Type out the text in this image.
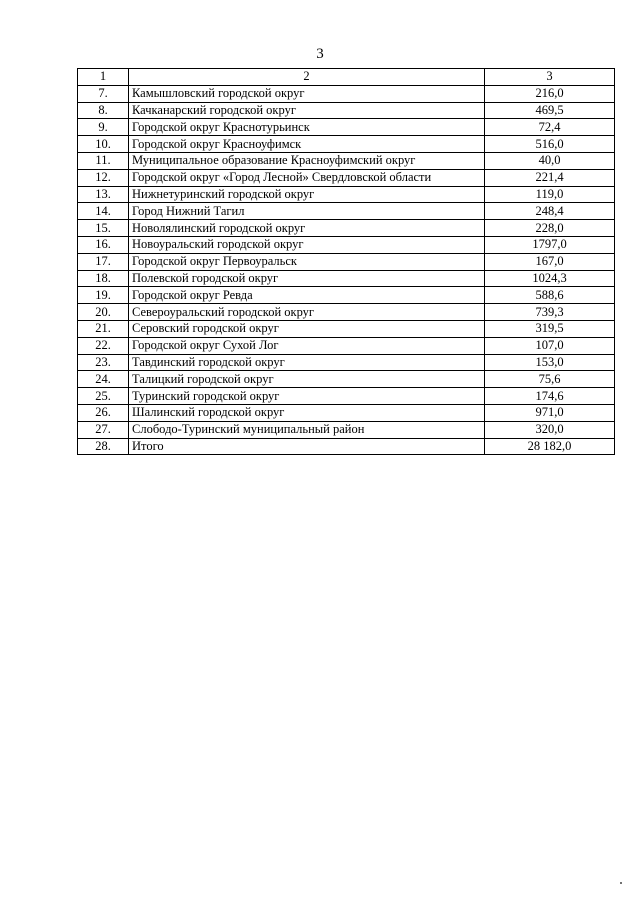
3
1	2	3
7.	Камышловский городской округ	216,0
8.	Качканарский городской округ	469,5
9.	Городской округ Краснотурьинск	72,4
10.	Городской округ Красноуфимск	516,0
11.	Муниципальное образование Красноуфимский округ	40,0
12.	Городской округ «Город Лесной» Свердловской области	221,4
13.	Нижнетуринский городской округ	119,0
14.	Город Нижний Тагил	248,4
15.	Новолялинский городской округ	228,0
16.	Новоуральский городской округ	1797,0
17.	Городской округ Первоуральск	167,0
18.	Полевской городской округ	1024,3
19.	Городской округ Ревда	588,6
20.	Североуральский городской округ	739,3
21.	Серовский городской округ	319,5
22.	Городской округ Сухой Лог	107,0
23.	Тавдинский городской округ	153,0
24.	Талицкий городской округ	75,6
25.	Туринский городской округ	174,6
26.	Шалинский городской округ	971,0
27.	Слободо-Туринский муниципальный район	320,0
28.	Итого	28 182,0
